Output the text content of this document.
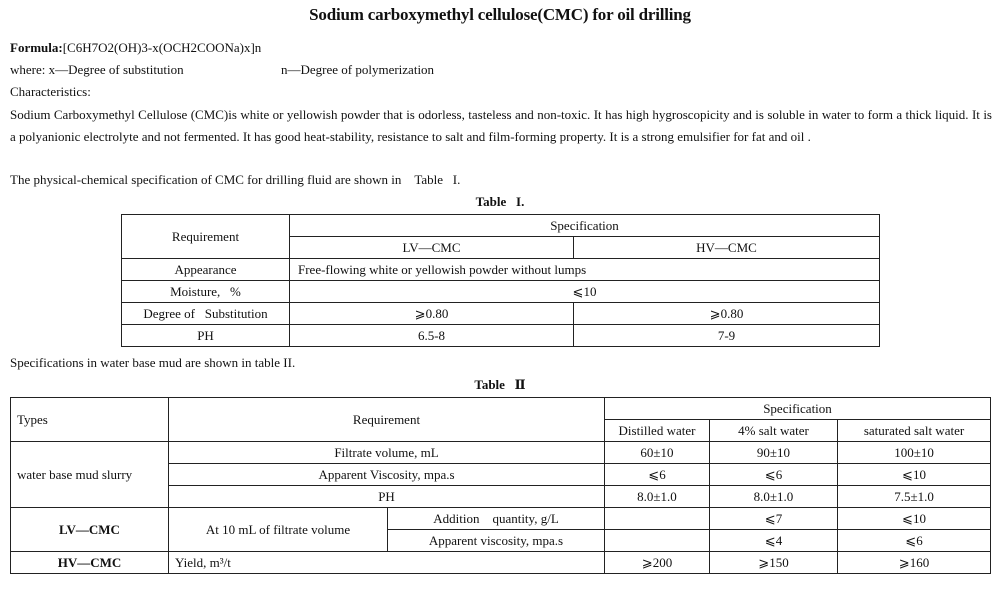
Sodium carboxymethyl cellulose(CMC) for oil drilling
Formula:[C6H7O2(OH)3-x(OCH2COONa)x]n
where: x—Degree of substitution	n—Degree of polymerization
Characteristics:
Sodium Carboxymethyl Cellulose (CMC)is white or yellowish powder that is odorless, tasteless and non-toxic. It has high hygroscopicity and is soluble in water to form a thick liquid. It is a polyanionic electrolyte and not fermented. It has good heat-stability, resistance to salt and film-forming property. It is a strong emulsifier for fat and oil .
The physical-chemical specification of CMC for drilling fluid are shown in    Table   I.
Table   I.
Requirement	Specification	
	LV—CMC	HV—CMC
Appearance	Free-flowing white or yellowish powder without lumps	
Moisture,   %	⩽10	
Degree of   Substitution	⩾0.80	⩾0.80
PH	6.5-8	7-9
Specifications in water base mud are shown in table II.
Table   Ⅱ
Types	Requirement		Specification		
			Distilled water	4% salt water	saturated salt water
water base mud slurry	Filtrate volume, mL		60±10	90±10	100±10
	Apparent Viscosity, mpa.s		⩽6	⩽6	⩽10
	PH		8.0±1.0	8.0±1.0	7.5±1.0
LV—CMC	At 10 mL of filtrate volume	Addition    quantity, g/L		⩽7	⩽10
		Apparent viscosity, mpa.s		⩽4	⩽6
HV—CMC	Yield, m³/t		⩾200	⩾150	⩾160
